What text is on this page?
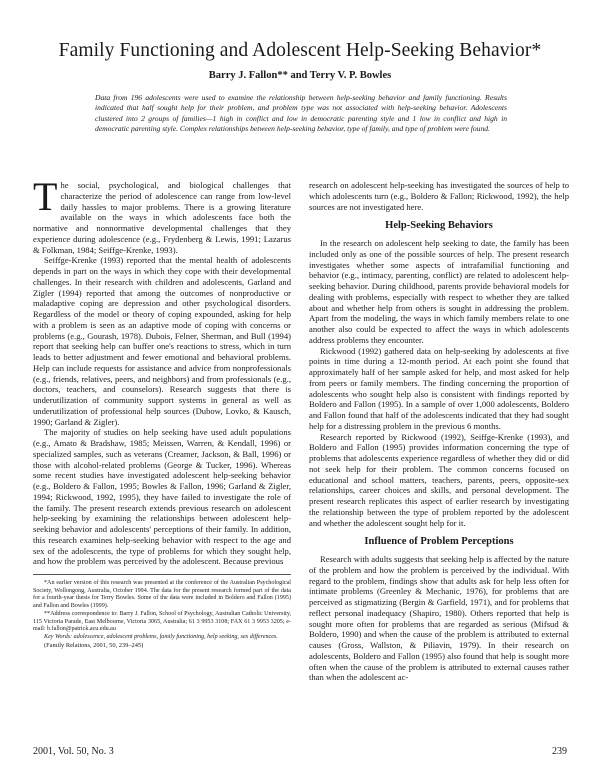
Family Functioning and Adolescent Help-Seeking Behavior*
Barry J. Fallon** and Terry V. P. Bowles
Data from 196 adolescents were used to examine the relationship between help-seeking behavior and family functioning. Results indicated that half sought help for their problem, and problem type was not associated with help-seeking behavior. Adolescents clustered into 2 groups of families—1 high in conflict and low in democratic parenting style and 1 low in conflict and high in democratic parenting style. Complex relationships between help-seeking behavior, type of family, and type of problem were found.

The social, psychological, and biological challenges that characterize the period of adolescence can range from low-level daily hassles to major problems. There is a growing literature available on the ways in which adolescents face both the normative and nonnormative developmental challenges that they experience during adolescence (e.g., Frydenberg & Lewis, 1991; Lazarus & Folkman, 1984; Seiffge-Krenke, 1993).

Seiffge-Krenke (1993) reported that the mental health of adolescents depends in part on the ways in which they cope with their developmental challenges. In their research with children and adolescents, Garland and Zigler (1994) reported that among the outcomes of nonproductive or maladaptive coping are depression and other psychological disorders. Regardless of the model or theory of coping expounded, asking for help with a problem is seen as an adaptive mode of coping with concerns or problems (e.g., Gourash, 1978). Dubois, Felner, Sherman, and Bull (1994) report that seeking help can buffer one's reactions to stress, which in turn leads to better adjustment and fewer emotional and behavioral problems. Help can include requests for assistance and advice from nonprofessionals (e.g., friends, relatives, peers, and neighbors) and from professionals (e.g., doctors, teachers, and counselors). Research suggests that there is underutilization of community support systems in general as well as underutilization of professional help sources (Dubow, Lovko, & Kausch, 1990; Garland & Zigler).

The majority of studies on help seeking have used adult populations (e.g., Amato & Bradshaw, 1985; Meissen, Warren, & Kendall, 1996) or specialized samples, such as veterans (Creamer, Jackson, & Ball, 1996) or those with alcohol-related problems (George & Tucker, 1996). Whereas some recent studies have investigated adolescent help-seeking behavior (e.g., Boldero & Fallon, 1995; Bowles & Fallon, 1996; Garland & Zigler, 1994; Rickwood, 1992, 1995), they have failed to investigate the role of the family. The present research extends previous research on adolescent help-seeking by examining the relationships between adolescent help-seeking behavior and adolescents' perceptions of their family. In addition, this research examines help-seeking behavior with respect to the age and sex of the adolescents, the type of problems for which they sought help, and how the problem was perceived by the adolescent. Because previous

*An earlier version of this research was presented at the conference of the Australian Psychological Society, Wollongong, Australia, October 1994. The data for the present research formed part of the data for a fourth-year thesis for Terry Bowles. Some of the data were included in Boldero and Fallon (1995) and Fallon and Bowles (1999).

**Address correspondence to: Barry J. Fallon, School of Psychology, Australian Catholic University, 115 Victoria Parade, East Melbourne, Victoria 3065, Australia; 61 3 9953 3108; FAX 61 3 9953 3205; e-mail: b.fallon@patrick.acu.edu.au

Key Words: adolescence, adolescent problems, family functioning, help seeking, sex differences.

(Family Relations, 2001, 50, 239–245)

research on adolescent help-seeking has investigated the sources of help to which adolescents turn (e.g., Boldero & Fallon; Rickwood, 1992), the help sources are not investigated here.

Help-Seeking Behaviors

In the research on adolescent help seeking to date, the family has been included only as one of the possible sources of help. The present research investigates whether some aspects of intrafamilial functioning and behavior (e.g., intimacy, parenting, conflict) are related to adolescent help-seeking behavior. During childhood, parents provide behavioral models for dealing with problems, especially with respect to whether they are talked about and whether help from others is sought in addressing the problem. Apart from the modeling, the ways in which family members relate to one another also could be expected to affect the ways in which adolescents address problems they encounter.

Rickwood (1992) gathered data on help-seeking by adolescents at five points in time during a 12-month period. At each point she found that approximately half of her sample asked for help, and most asked for help from peers or family members. The finding concerning the proportion of adolescents who sought help also is consistent with findings reported by Boldero and Fallon (1995). In a sample of over 1,000 adolescents, Boldero and Fallon found that half of the adolescents indicated that they had sought help for a distressing problem in the previous 6 months.

Research reported by Rickwood (1992), Seiffge-Krenke (1993), and Boldero and Fallon (1995) provides information concerning the type of problems that adolescents experience regardless of whether they did or did not seek help for their problem. The common concerns focused on educational and school matters, teachers, parents, peers, opposite-sex relationships, career choices and skills, and personal development. The present research replicates this aspect of earlier research by investigating the relationship between the type of problem reported by the adolescent and whether the adolescent sought help for it.

Influence of Problem Perceptions

Research with adults suggests that seeking help is affected by the nature of the problem and how the problem is perceived by the individual. With regard to the problem, findings show that adults ask for help less often for intimate problems (Greenley & Mechanic, 1976), for problems that are perceived as stigmatizing (Bergin & Garfield, 1971), and for problems that reflect personal inadequacy (Shapiro, 1980). Others reported that help is sought more often for problems that are regarded as serious (Mifsud & Boldero, 1990) and when the cause of the problem is attributed to external causes (Gross, Wallston, & Piliavin, 1979). In their research on adolescents, Boldero and Fallon (1995) also found that help is sought more often when the cause of the problem is attributed to external causes rather than when the adolescent ac-

2001, Vol. 50, No. 3	239
